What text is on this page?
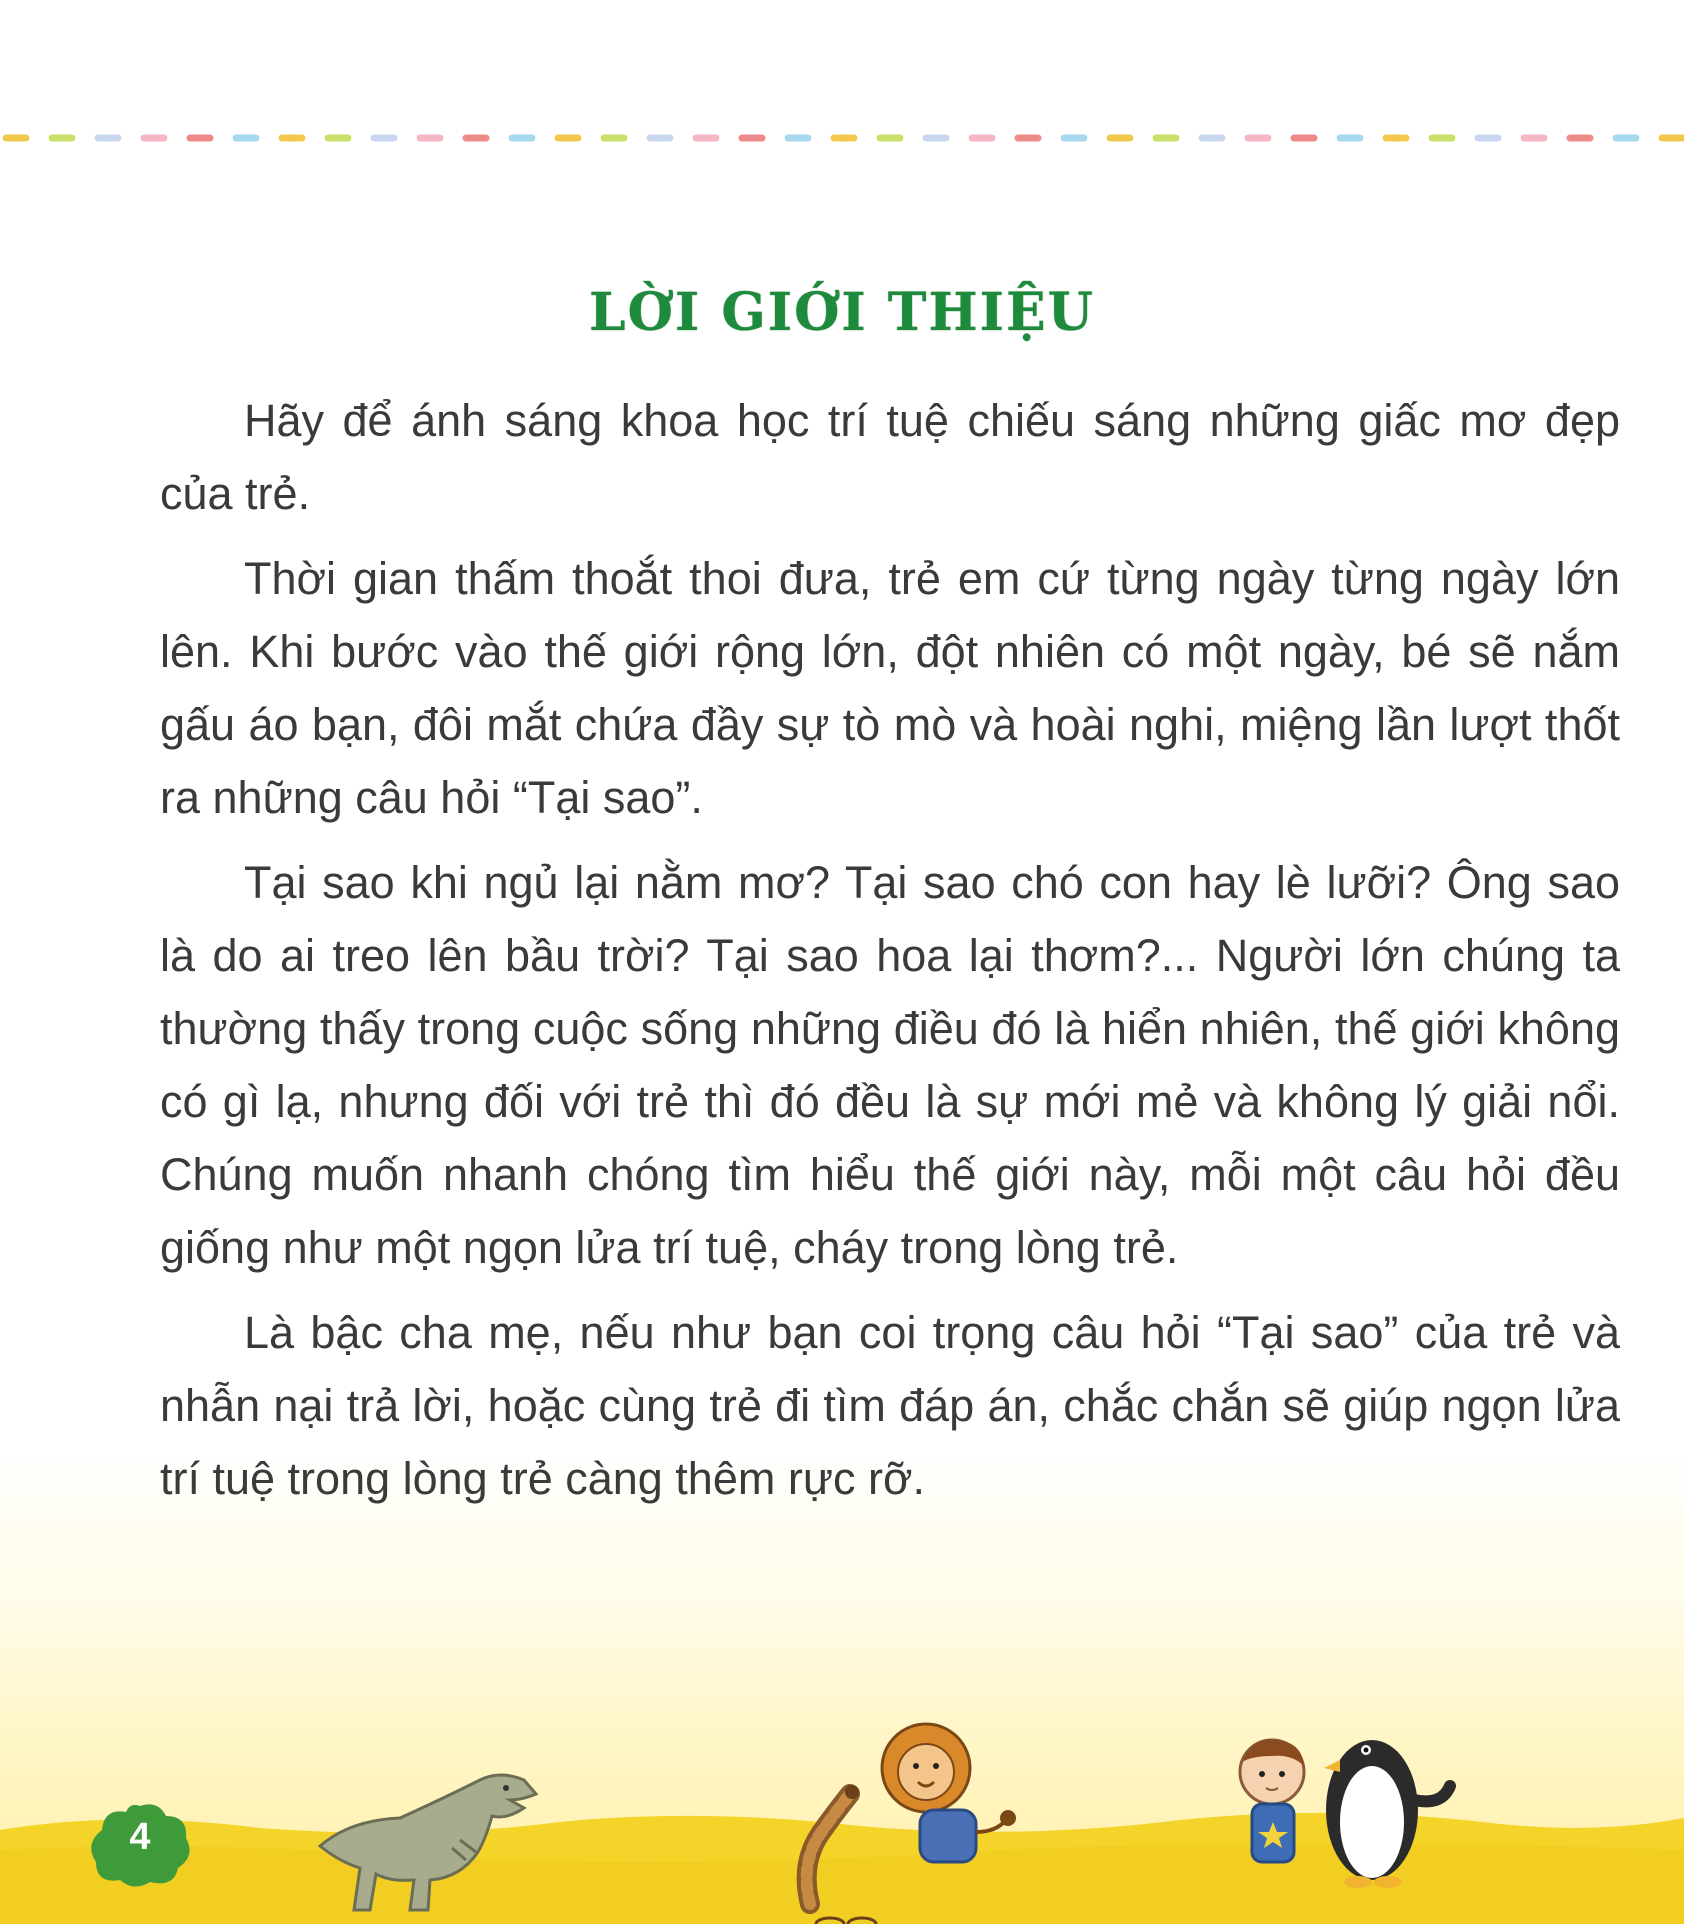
LỜI GIỚI THIỆU

Hãy để ánh sáng khoa học trí tuệ chiếu sáng những giấc mơ đẹp của trẻ.

Thời gian thấm thoắt thoi đưa, trẻ em cứ từng ngày từng ngày lớn lên. Khi bước vào thế giới rộng lớn, đột nhiên có một ngày, bé sẽ nắm gấu áo bạn, đôi mắt chứa đầy sự tò mò và hoài nghi, miệng lần lượt thốt ra những câu hỏi “Tại sao”.

Tại sao khi ngủ lại nằm mơ? Tại sao chó con hay lè lưỡi? Ông sao là do ai treo lên bầu trời? Tại sao hoa lại thơm?... Người lớn chúng ta thường thấy trong cuộc sống những điều đó là hiển nhiên, thế giới không có gì lạ, nhưng đối với trẻ thì đó đều là sự mới mẻ và không lý giải nổi. Chúng muốn nhanh chóng tìm hiểu thế giới này, mỗi một câu hỏi đều giống như một ngọn lửa trí tuệ, cháy trong lòng trẻ.

Là bậc cha mẹ, nếu như bạn coi trọng câu hỏi “Tại sao” của trẻ và nhẫn nại trả lời, hoặc cùng trẻ đi tìm đáp án, chắc chắn sẽ giúp ngọn lửa trí tuệ trong lòng trẻ càng thêm rực rỡ.

4
